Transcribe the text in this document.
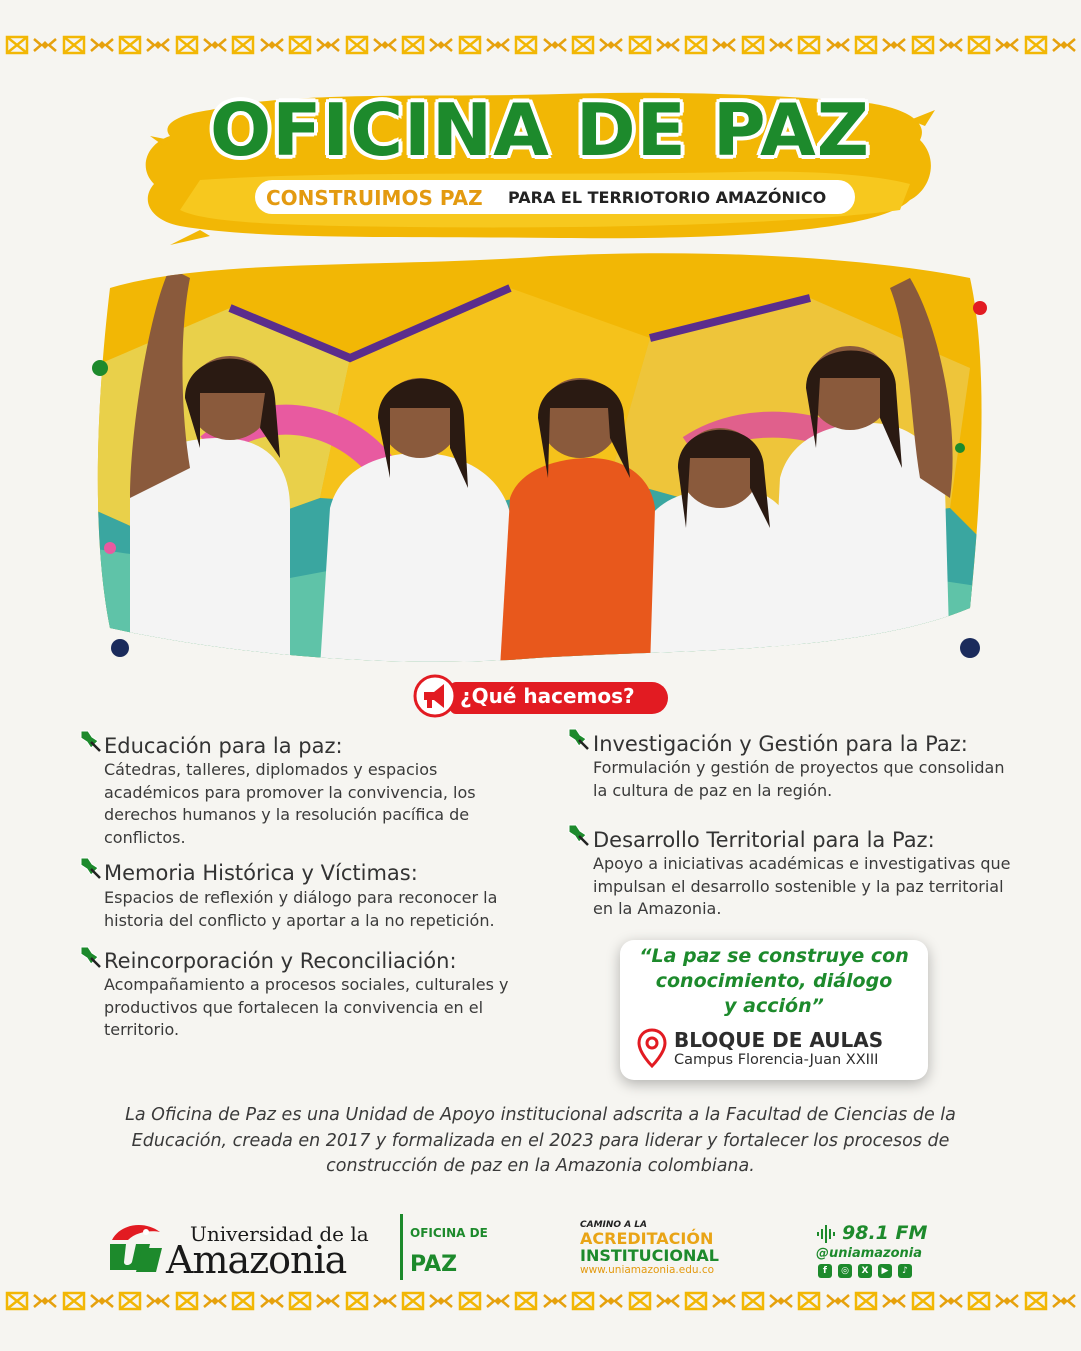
OFICINA DE PAZ
CONSTRUIMOS PAZ PARA EL TERRIOTORIO AMAZÓNICO
¿Qué hacemos?
Educación para la paz:
Cátedras, talleres, diplomados y espacios académicos para promover la convivencia, los derechos humanos y la resolución pacífica de conflictos.
Memoria Histórica y Víctimas:
Espacios de reflexión y diálogo para reconocer la historia del conflicto y aportar a la no repetición.
Reincorporación y Reconciliación:
Acompañamiento a procesos sociales, culturales y productivos que fortalecen la convivencia en el territorio.
Investigación y Gestión para la Paz:
Formulación y gestión de proyectos que consolidan la cultura de paz en la región.
Desarrollo Territorial para la Paz:
Apoyo a iniciativas académicas e investigativas que impulsan el desarrollo sostenible y la paz territorial en la Amazonia.
“La paz se construye con
conocimiento, diálogo
y acción”
BLOQUE DE AULAS
Campus Florencia-Juan XXIII
La Oficina de Paz es una Unidad de Apoyo institucional adscrita a la Facultad de Ciencias de la
Educación, creada en 2017 y formalizada en el 2023 para liderar y fortalecer los procesos de
construcción de paz en la Amazonia colombiana.
Universidad de la
Amazonia
OFICINA DE
PAZ
CAMINO A LA
ACREDITACIÓN
INSTITUCIONAL
www.uniamazonia.edu.co
98.1 FM
@uniamazonia
f	◎	X	▶	♪
